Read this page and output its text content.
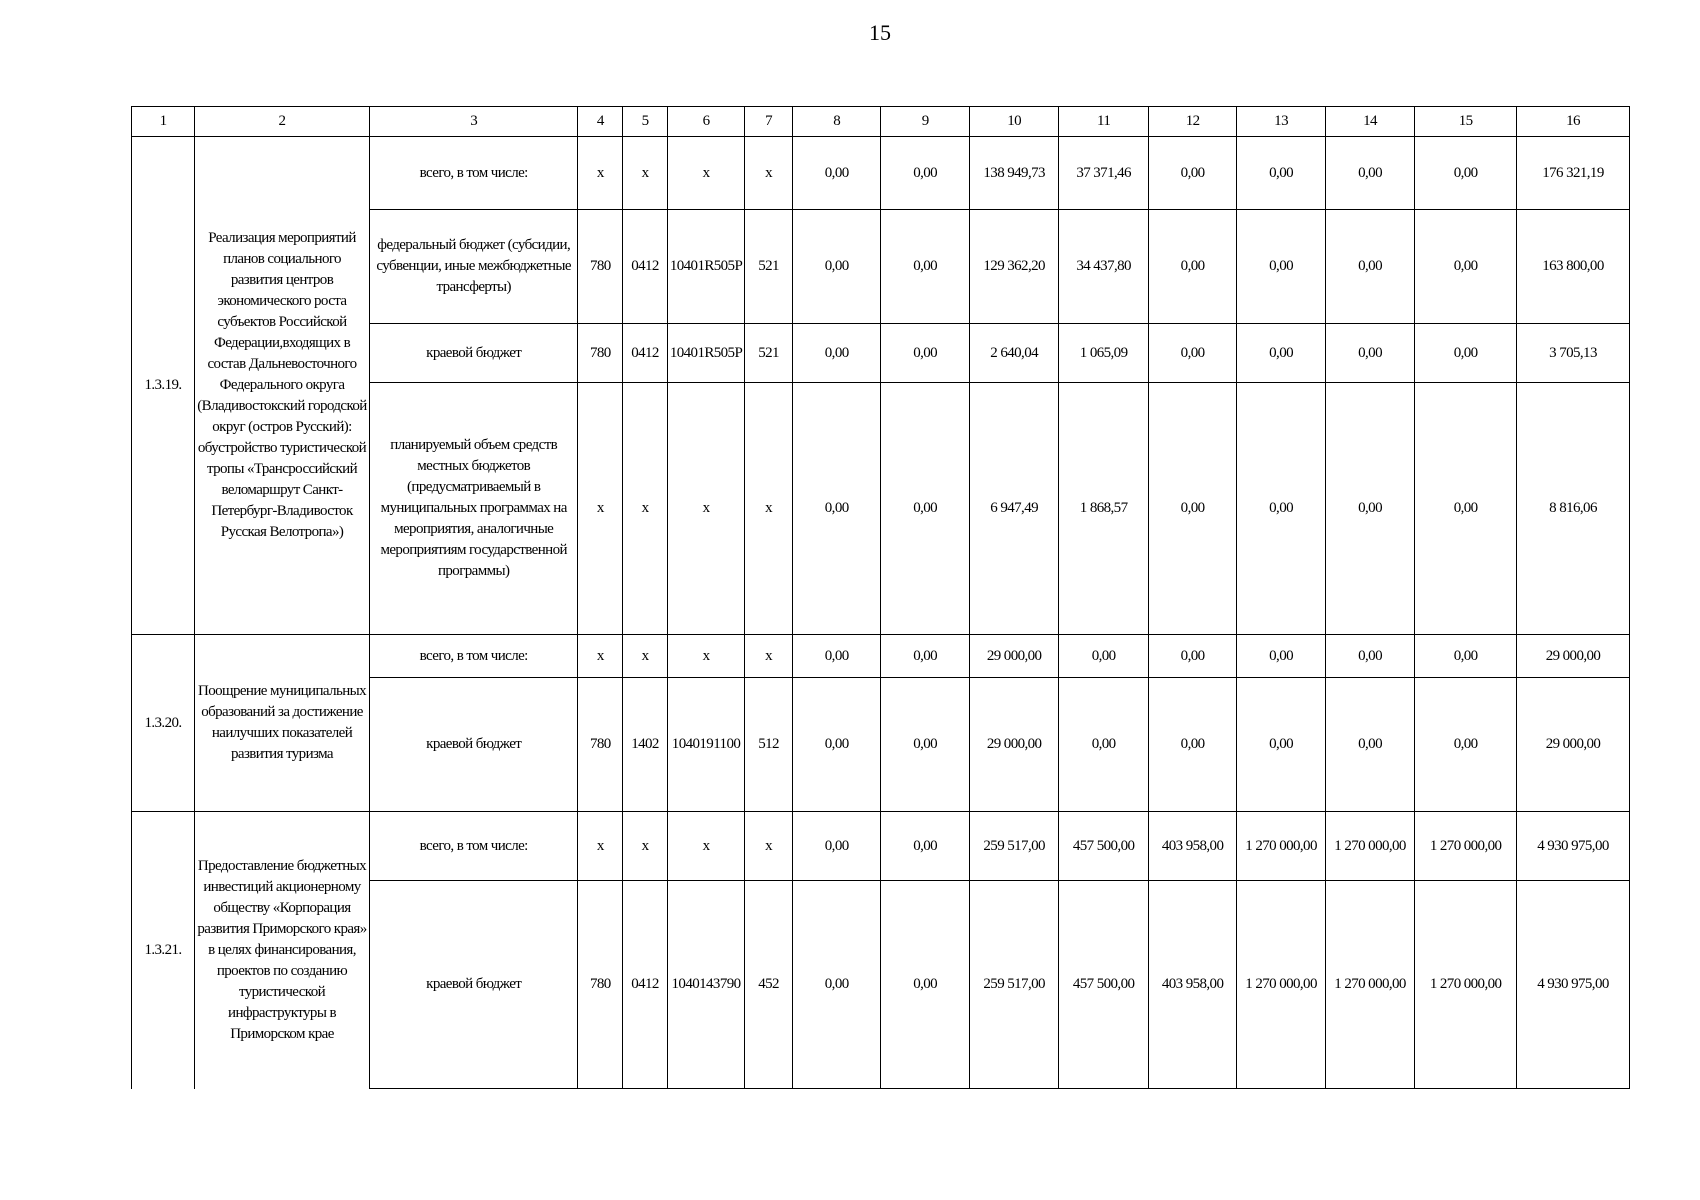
15
1	2	3	4	5	6	7	8	9	10	11	12	13	14	15	16
1.3.19.	Реализация мероприятий планов социального развития центров экономического роста субъектов Российской Федерации,входящих в состав Дальневосточного Федерального округа (Владивостокский городской округ (остров Русский): обустройство туристической тропы «Трансроссийский веломаршрут Санкт-Петербург-Владивосток Русская Велотропа»)	всего, в том числе:	x	x	x	x	0,00	0,00	138 949,73	37 371,46	0,00	0,00	0,00	0,00	176 321,19
		федеральный бюджет (субсидии, субвенции, иные межбюджетные трансферты)	780	0412	10401R505P	521	0,00	0,00	129 362,20	34 437,80	0,00	0,00	0,00	0,00	163 800,00
		краевой бюджет	780	0412	10401R505P	521	0,00	0,00	2 640,04	1 065,09	0,00	0,00	0,00	0,00	3 705,13
		планируемый объем средств местных бюджетов (предусматриваемый в муниципальных программах на мероприятия, аналогичные мероприятиям государственной программы)	x	x	x	x	0,00	0,00	6 947,49	1 868,57	0,00	0,00	0,00	0,00	8 816,06
1.3.20.	Поощрение муниципальных образований за достижение наилучших показателей развития туризма	всего, в том числе:	x	x	x	x	0,00	0,00	29 000,00	0,00	0,00	0,00	0,00	0,00	29 000,00
		краевой бюджет	780	1402	1040191100	512	0,00	0,00	29 000,00	0,00	0,00	0,00	0,00	0,00	29 000,00
1.3.21.	Предоставление бюджетных инвестиций акционерному обществу «Корпорация развития Приморского края» в целях финансирования, проектов по созданию туристической инфраструктуры в Приморском крае	всего, в том числе:	x	x	x	x	0,00	0,00	259 517,00	457 500,00	403 958,00	1 270 000,00	1 270 000,00	1 270 000,00	4 930 975,00
		краевой бюджет	780	0412	1040143790	452	0,00	0,00	259 517,00	457 500,00	403 958,00	1 270 000,00	1 270 000,00	1 270 000,00	4 930 975,00
